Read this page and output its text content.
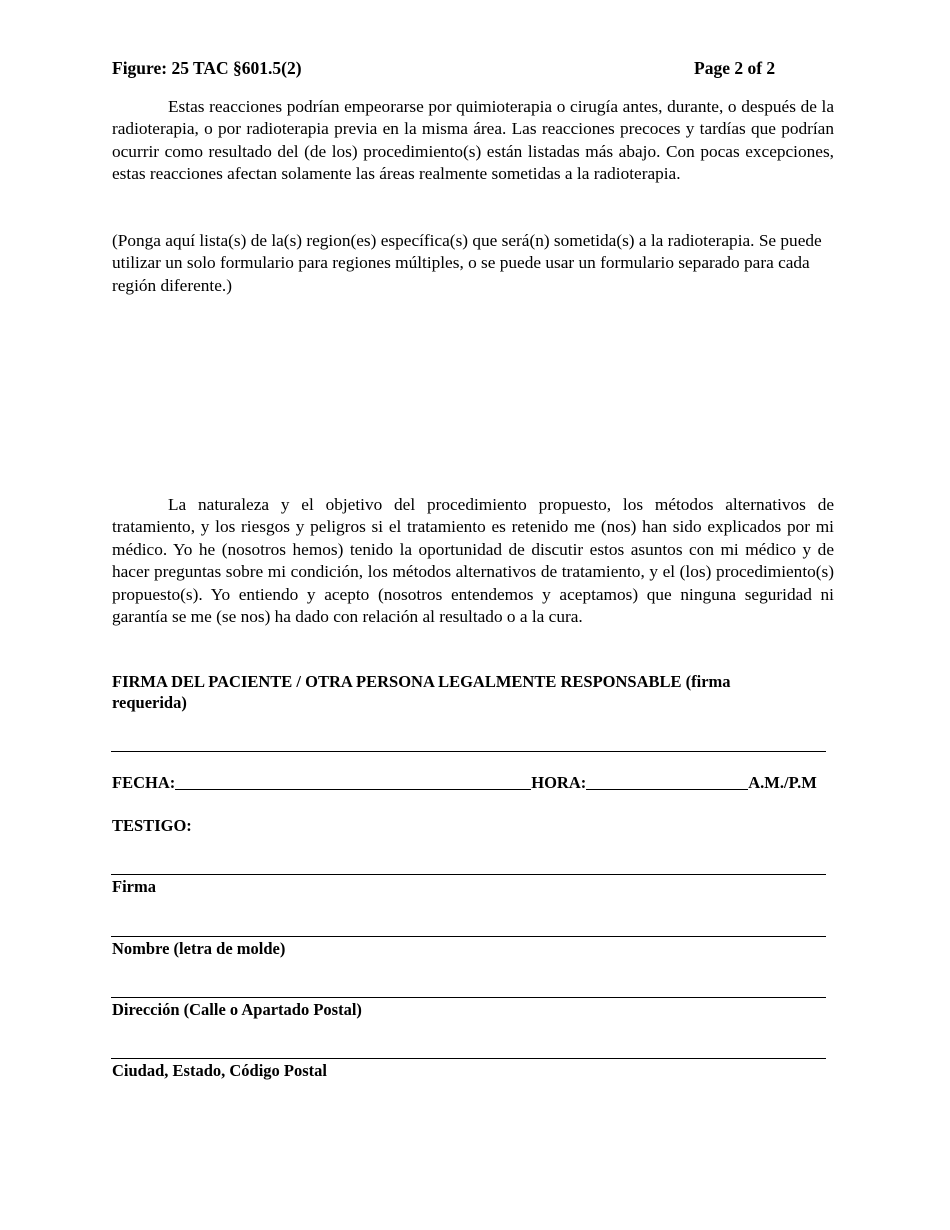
Figure: 25 TAC §601.5(2)	Page 2 of 2
Estas reacciones podrían empeorarse por quimioterapia o cirugía antes, durante, o después de la radioterapia, o por radioterapia previa en la misma área. Las reacciones precoces y tardías que podrían ocurrir como resultado del (de los) procedimiento(s) están listadas más abajo. Con pocas excepciones, estas reacciones afectan solamente las áreas realmente sometidas a la radioterapia.
(Ponga aquí lista(s) de la(s) region(es) específica(s) que será(n) sometida(s) a la radioterapia. Se puede utilizar un solo formulario para regiones múltiples, o se puede usar un formulario separado para cada región diferente.)
La naturaleza y el objetivo del procedimiento propuesto, los métodos alternativos de tratamiento, y los riesgos y peligros si el tratamiento es retenido me (nos) han sido explicados por mi médico. Yo he (nosotros hemos) tenido la oportunidad de discutir estos asuntos con mi médico y de hacer preguntas sobre mi condición, los métodos alternativos de tratamiento, y el (los) procedimiento(s) propuesto(s). Yo entiendo y acepto (nosotros entendemos y aceptamos) que ninguna seguridad ni garantía se me (se nos) ha dado con relación al resultado o a la cura.
FIRMA DEL PACIENTE / OTRA PERSONA LEGALMENTE RESPONSABLE (firma requerida)
FECHA:	HORA:	A.M./P.M
TESTIGO:
Firma
Nombre (letra de molde)
Dirección (Calle o Apartado Postal)
Ciudad, Estado, Código Postal
